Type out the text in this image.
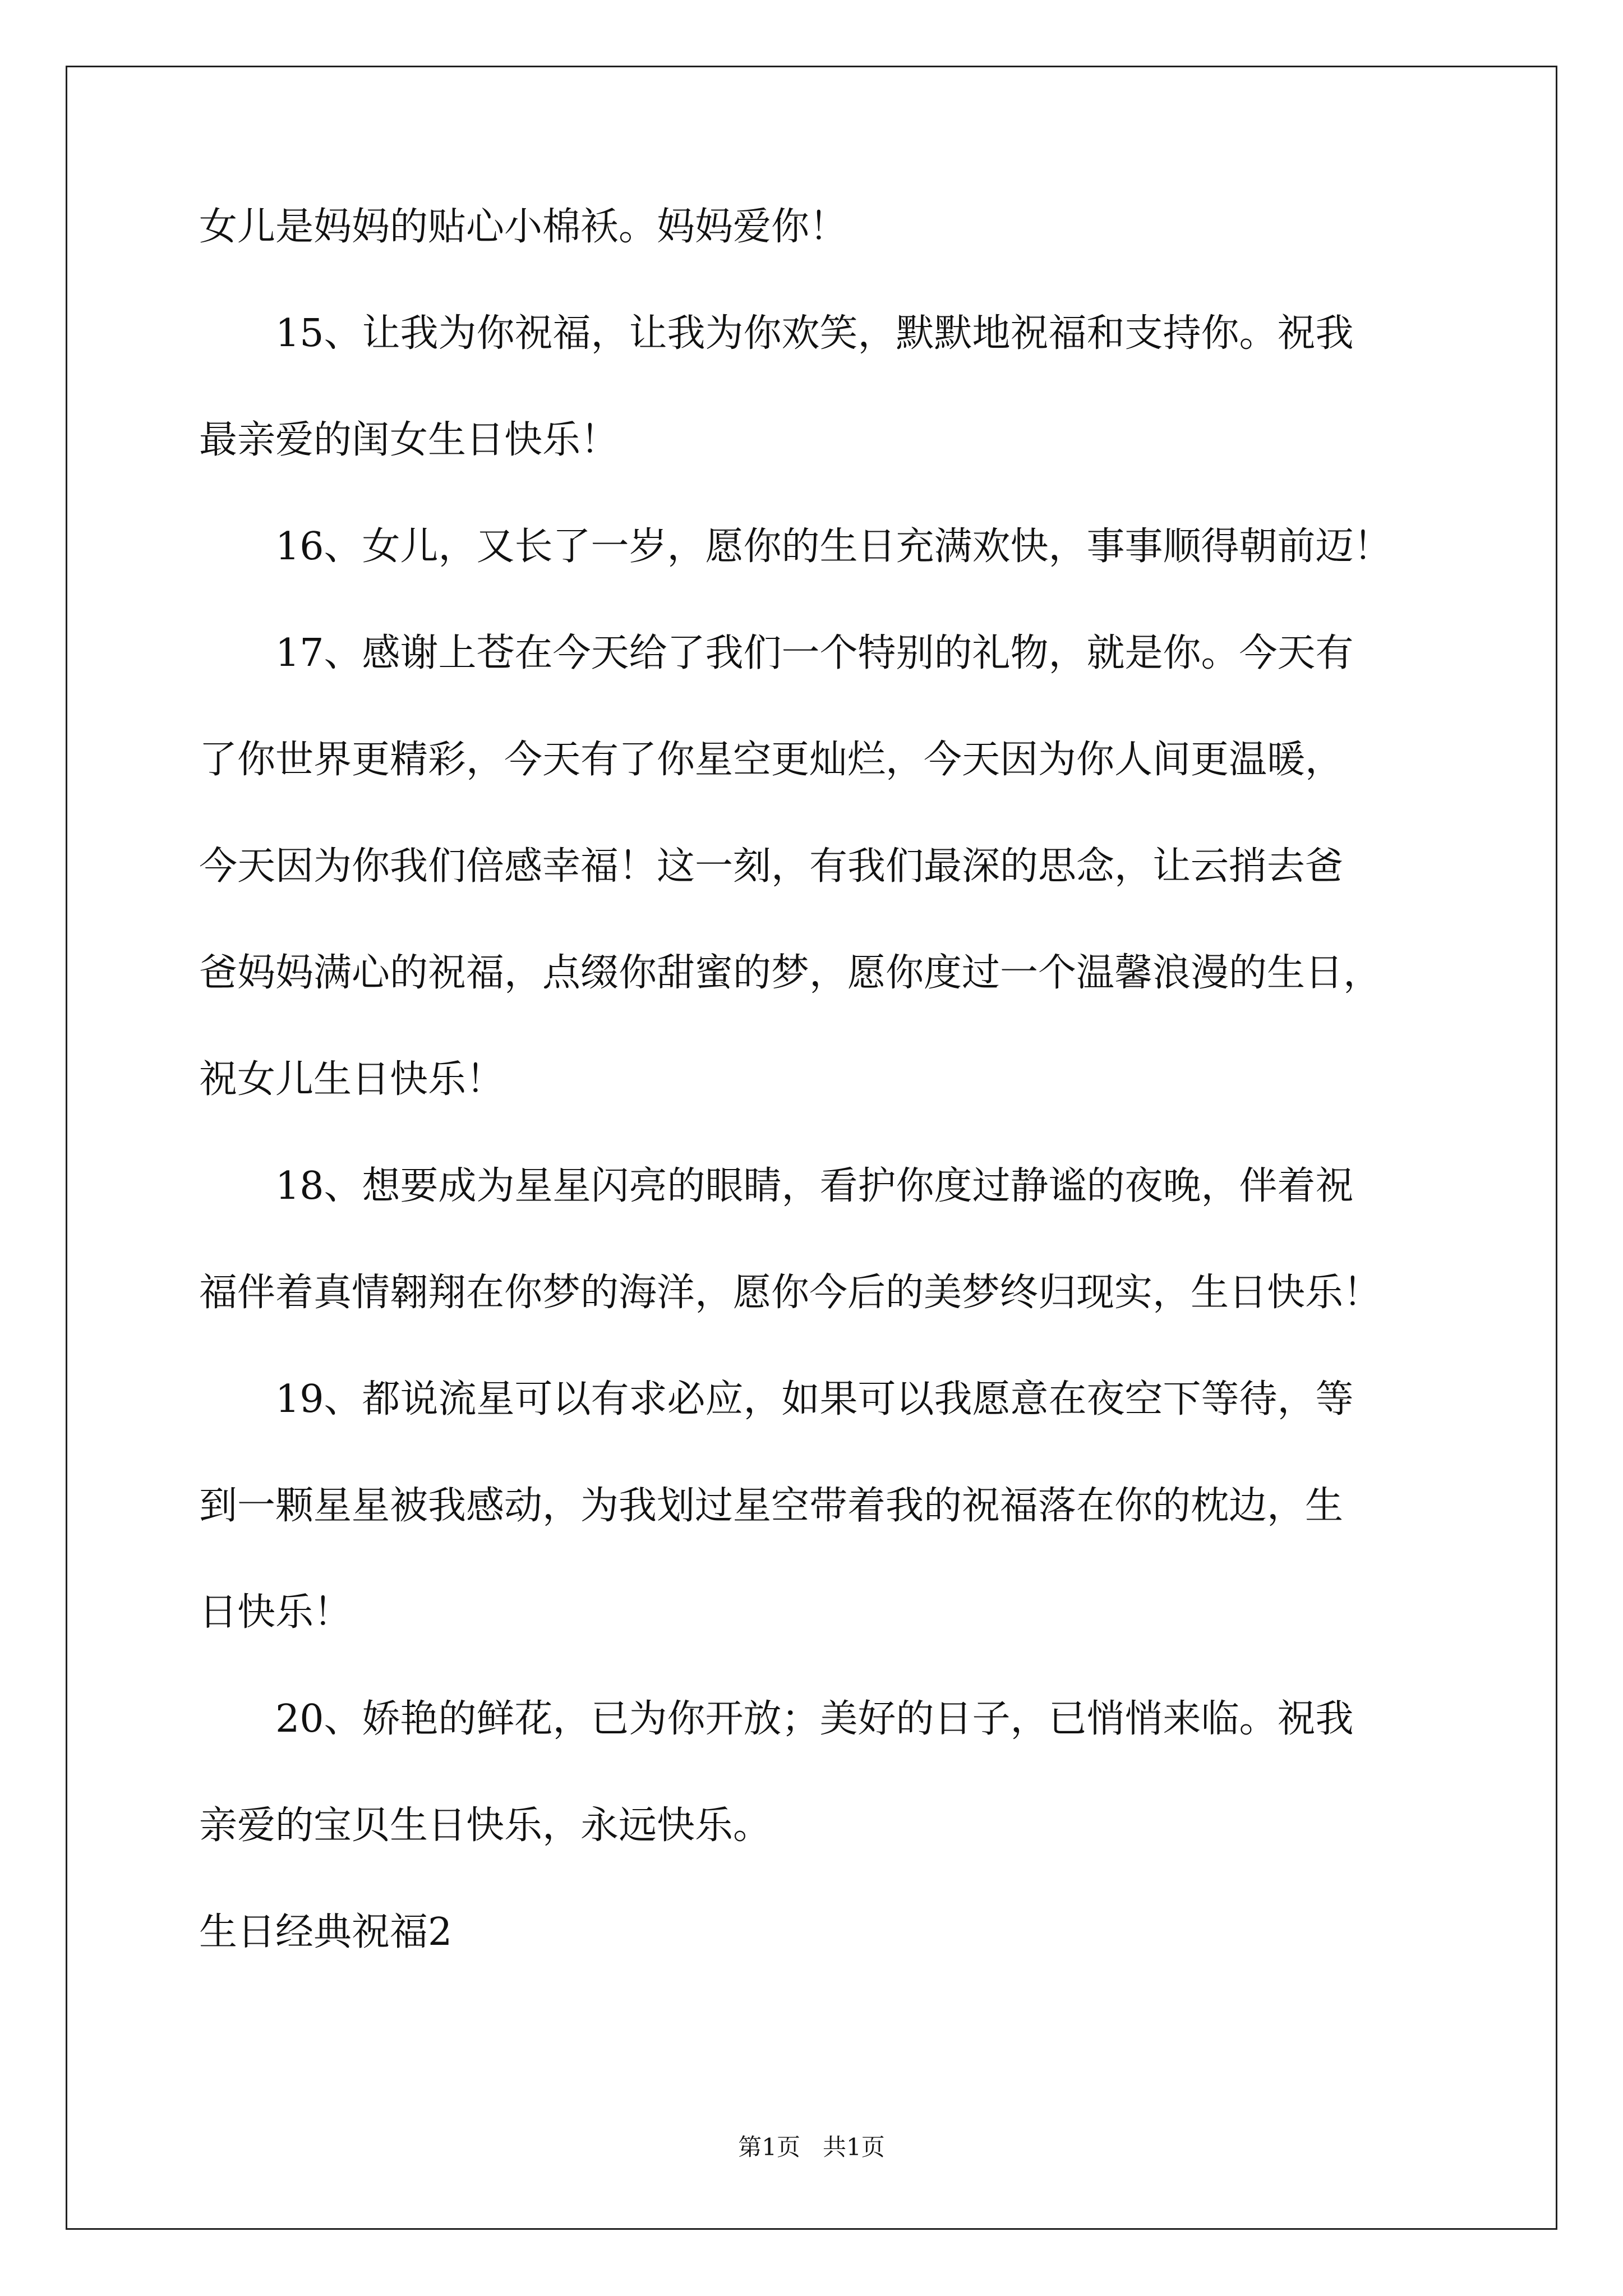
女儿是妈妈的贴心小棉袄。妈妈爱你！
15、让我为你祝福，让我为你欢笑，默默地祝福和支持你。祝我
最亲爱的闺女生日快乐！
16、女儿，又长了一岁，愿你的生日充满欢快，事事顺得朝前迈！
17、感谢上苍在今天给了我们一个特别的礼物，就是你。今天有
了你世界更精彩，今天有了你星空更灿烂，今天因为你人间更温暖，
今天因为你我们倍感幸福！这一刻，有我们最深的思念，让云捎去爸
爸妈妈满心的祝福，点缀你甜蜜的梦，愿你度过一个温馨浪漫的生日，
祝女儿生日快乐！
18、想要成为星星闪亮的眼睛，看护你度过静谧的夜晚，伴着祝
福伴着真情翱翔在你梦的海洋，愿你今后的美梦终归现实，生日快乐！
19、都说流星可以有求必应，如果可以我愿意在夜空下等待，等
到一颗星星被我感动，为我划过星空带着我的祝福落在你的枕边，生
日快乐！
20、娇艳的鲜花，已为你开放；美好的日子，已悄悄来临。祝我
亲爱的宝贝生日快乐，永远快乐。
生日经典祝福2
第1页   共1页
